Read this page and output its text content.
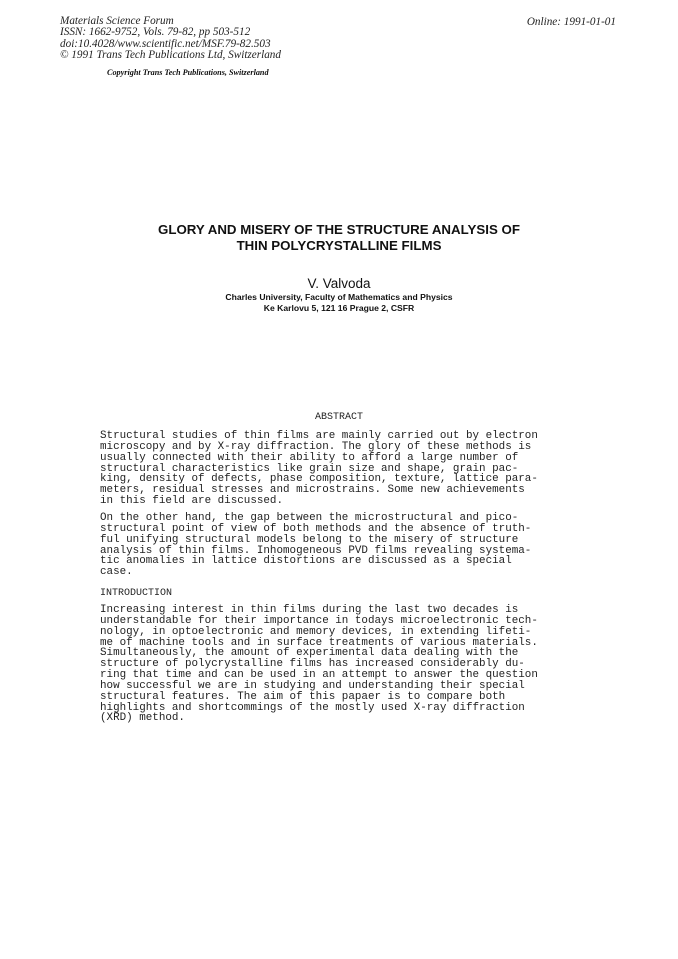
Materials Science Forum
ISSN: 1662-9752, Vols. 79-82, pp 503-512
doi:10.4028/www.scientific.net/MSF.79-82.503
© 1991 Trans Tech Publications Ltd, Switzerland
Online: 1991-01-01
Copyright Trans Tech Publications, Switzerland
GLORY AND MISERY OF THE STRUCTURE ANALYSIS OF
THIN POLYCRYSTALLINE FILMS
V. Valvoda
Charles University, Faculty of Mathematics and Physics
Ke Karlovu 5, 121 16 Prague 2, CSFR
ABSTRACT
Structural studies of thin films are mainly carried out by electron
microscopy and by X-ray diffraction. The glory of these methods is
usually connected with their ability to afford a large number of
structural characteristics like grain size and shape, grain pac-
king, density of defects, phase composition, texture, lattice para-
meters, residual stresses and microstrains. Some new achievements
in this field are discussed.
On the other hand, the gap between the microstructural and pico-
structural point of view of both methods and the absence of truth-
ful unifying structural models belong to the misery of structure
analysis of thin films. Inhomogeneous PVD films revealing systema-
tic anomalies in lattice distortions are discussed as a special
case.
INTRODUCTION
Increasing interest in thin films during the last two decades is
understandable for their importance in todays microelectronic tech-
nology, in optoelectronic and memory devices, in extending lifeti-
me of machine tools and in surface treatments of various materials.
Simultaneously, the amount of experimental data dealing with the
structure of polycrystalline films has increased considerably du-
ring that time and can be used in an attempt to answer the question
how successful we are in studying and understanding their special
structural features. The aim of this papaer is to compare both
highlights and shortcommings of the mostly used X-ray diffraction
(XRD) method.
